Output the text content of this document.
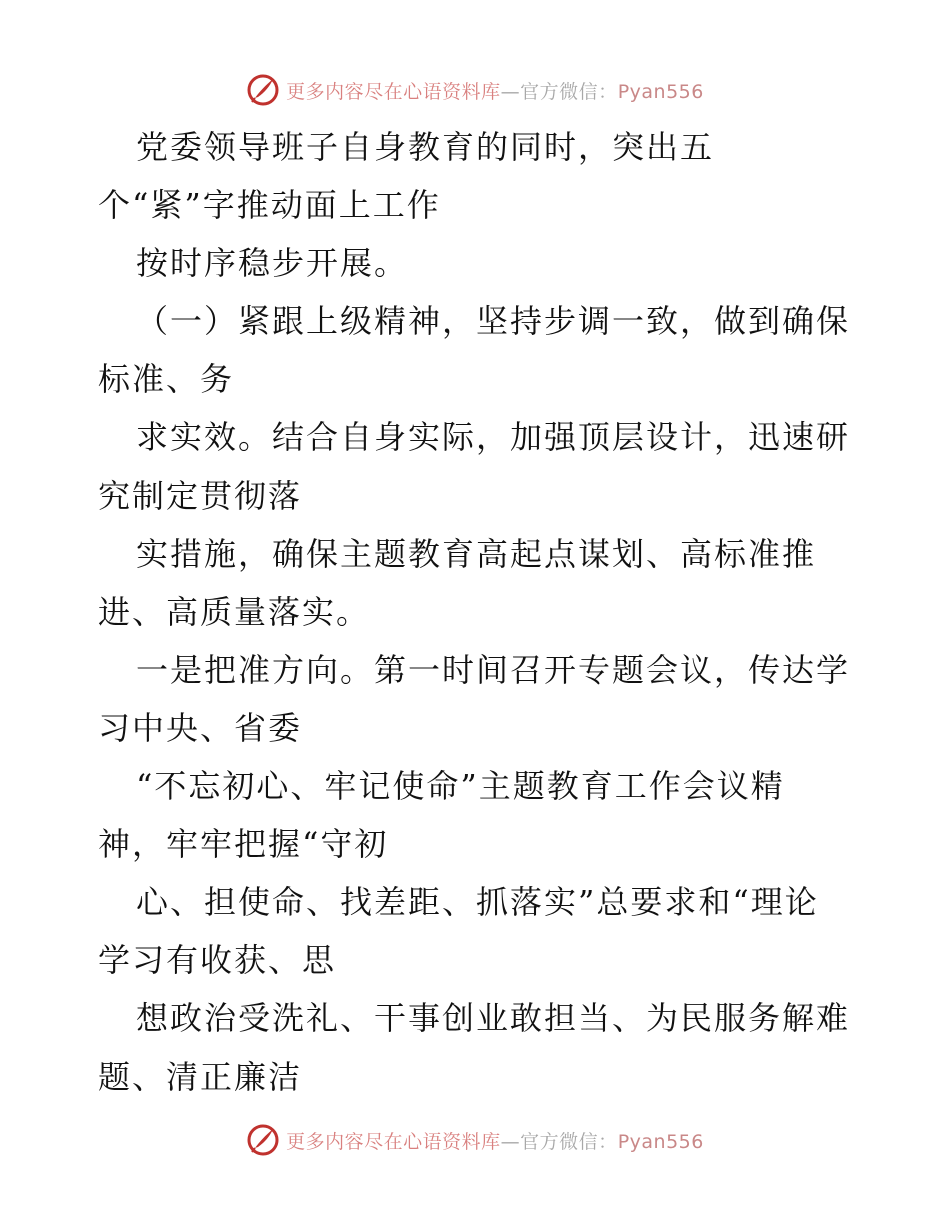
更多内容尽在心语资料库—官方微信：Pyan556
党委领导班子自身教育的同时，突出五
个“紧”字推动面上工作
按时序稳步开展。
（一）紧跟上级精神，坚持步调一致，做到确保
标准、务
求实效。结合自身实际，加强顶层设计，迅速研
究制定贯彻落
实措施，确保主题教育高起点谋划、高标准推
进、高质量落实。
一是把准方向。第一时间召开专题会议，传达学
习中央、省委
“不忘初心、牢记使命”主题教育工作会议精
神，牢牢把握“守初
心、担使命、找差距、抓落实”总要求和“理论
学习有收获、思
想政治受洗礼、干事创业敢担当、为民服务解难
题、清正廉洁
更多内容尽在心语资料库—官方微信：Pyan556
